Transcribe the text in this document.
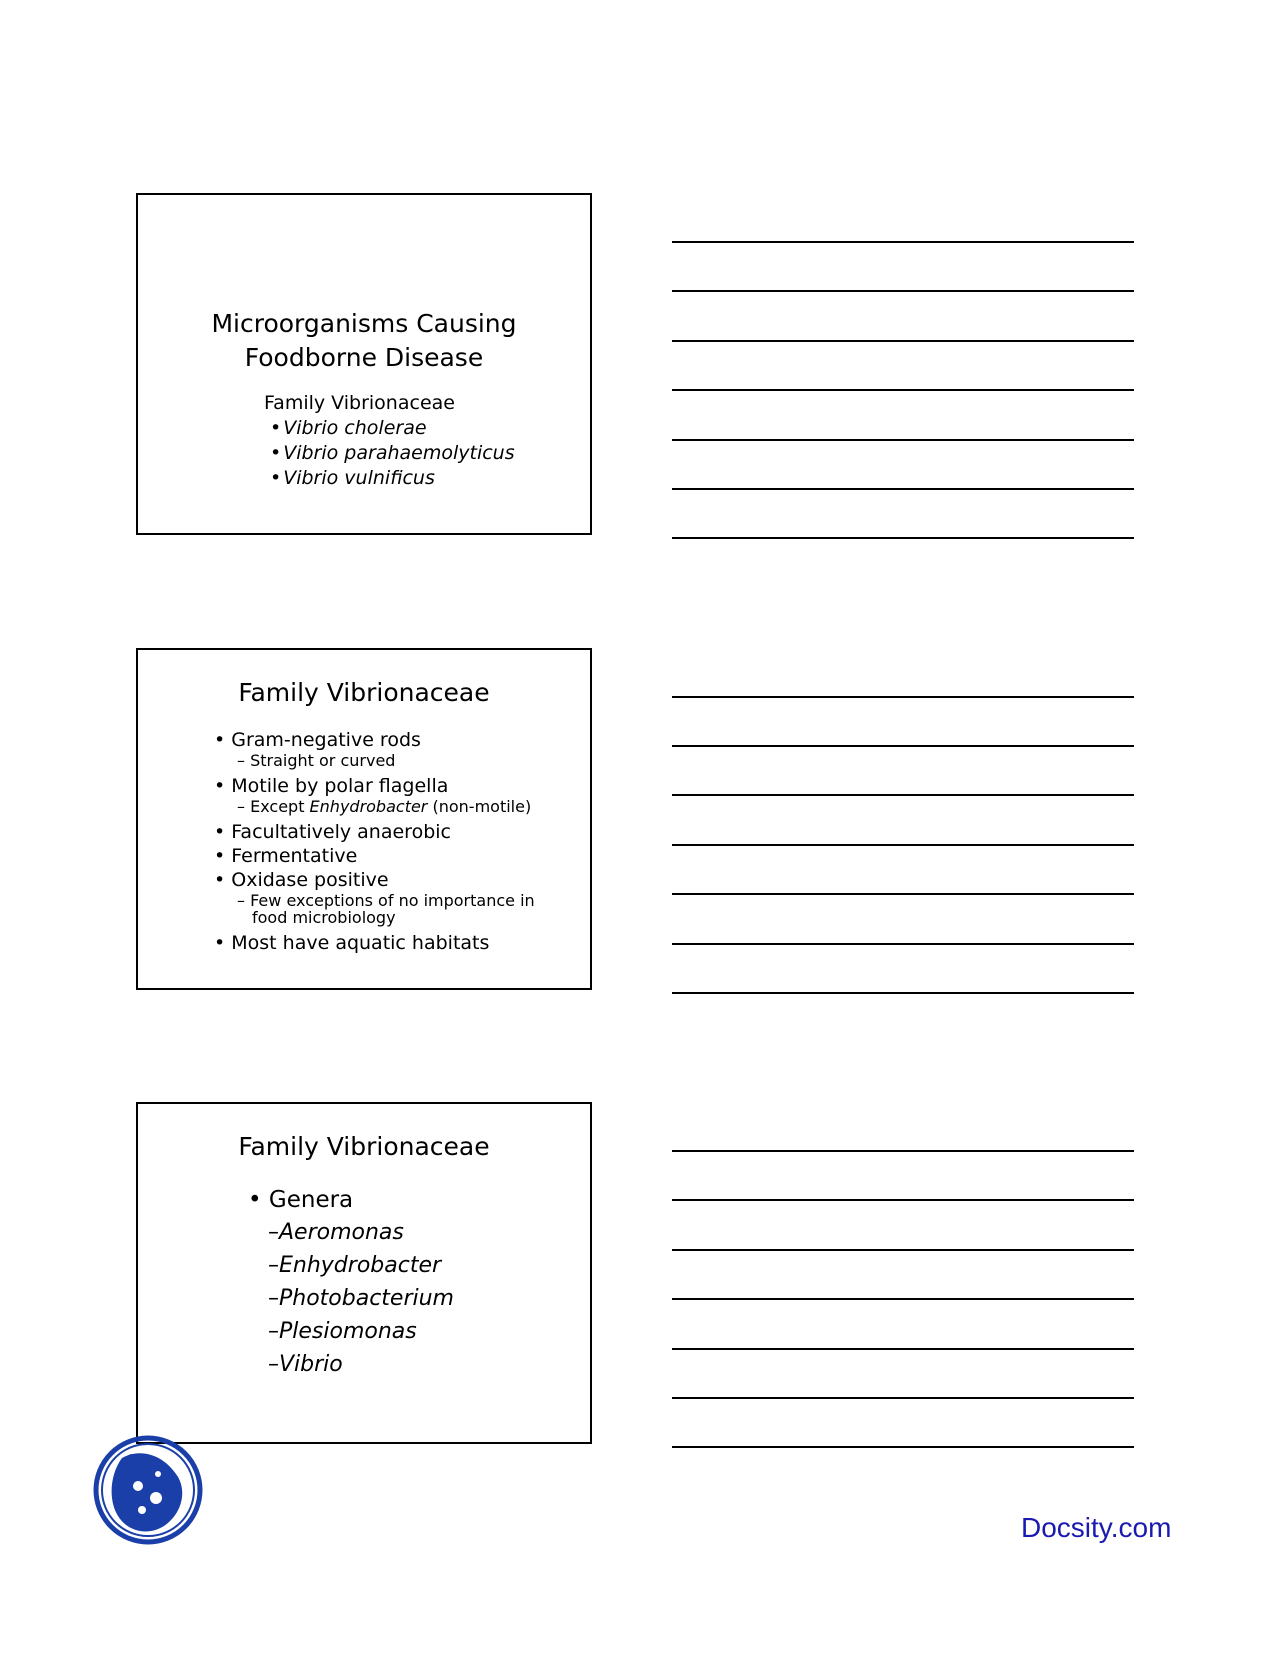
Microorganisms Causing
Foodborne Disease
Family Vibrionaceae
• Vibrio cholerae
• Vibrio parahaemolyticus
• Vibrio vulnificus
Family Vibrionaceae
• Gram-negative rods
– Straight or curved
• Motile by polar flagella
– Except Enhydrobacter (non-motile)
• Facultatively anaerobic
• Fermentative
• Oxidase positive
– Few exceptions of no importance in food microbiology
• Most have aquatic habitats
Family Vibrionaceae
• Genera
–Aeromonas
–Enhydrobacter
–Photobacterium
–Plesiomonas
–Vibrio
Docsity.com
